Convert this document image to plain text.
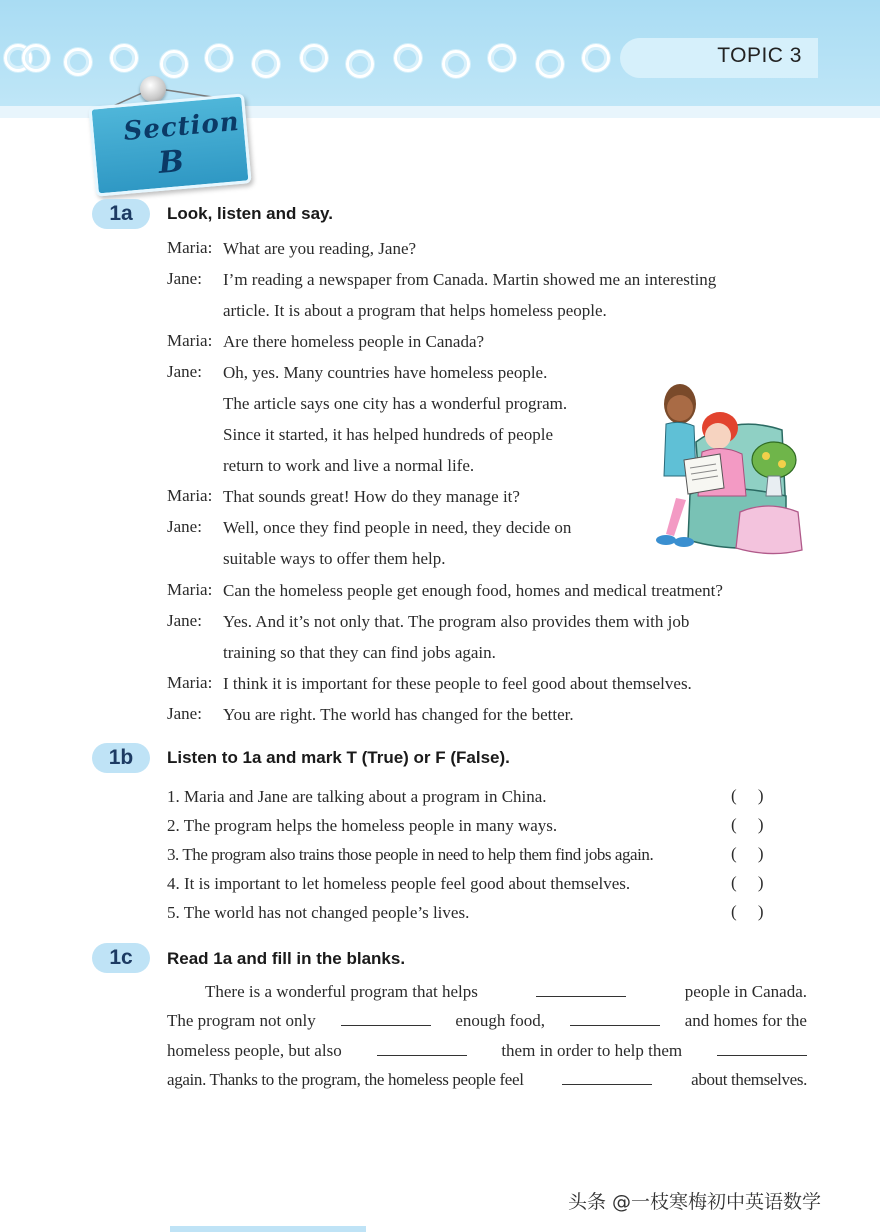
TOPIC 3
Section
B
1a	Look, listen and say.
Maria: What are you reading, Jane?
Jane: I’m reading a newspaper from Canada. Martin showed me an interesting
article. It is about a program that helps homeless people.
Maria: Are there homeless people in Canada?
Jane: Oh, yes. Many countries have homeless people.
The article says one city has a wonderful program.
Since it started, it has helped hundreds of people
return to work and live a normal life.
Maria: That sounds great! How do they manage it?
Jane: Well, once they find people in need, they decide on
suitable ways to offer them help.
Maria: Can the homeless people get enough food, homes and medical treatment?
Jane: Yes. And it’s not only that. The program also provides them with job
training so that they can find jobs again.
Maria: I think it is important for these people to feel good about themselves.
Jane: You are right. The world has changed for the better.
1b	Listen to 1a and mark T (True) or F (False).
1. Maria and Jane are talking about a program in China.	(     )
2. The program helps the homeless people in many ways.	(     )
3. The program also trains those people in need to help them find jobs again.	(     )
4. It is important to let homeless people feel good about themselves.	(     )
5. The world has not changed people’s lives.	(     )
1c	Read 1a and fill in the blanks.
There is a wonderful program that helps	people in Canada.
The program not only	enough food,	and homes for the
homeless people, but also	them in order to help them
again. Thanks to the program, the homeless people feel	about themselves.
头条 @一枝寒梅初中英语数学
